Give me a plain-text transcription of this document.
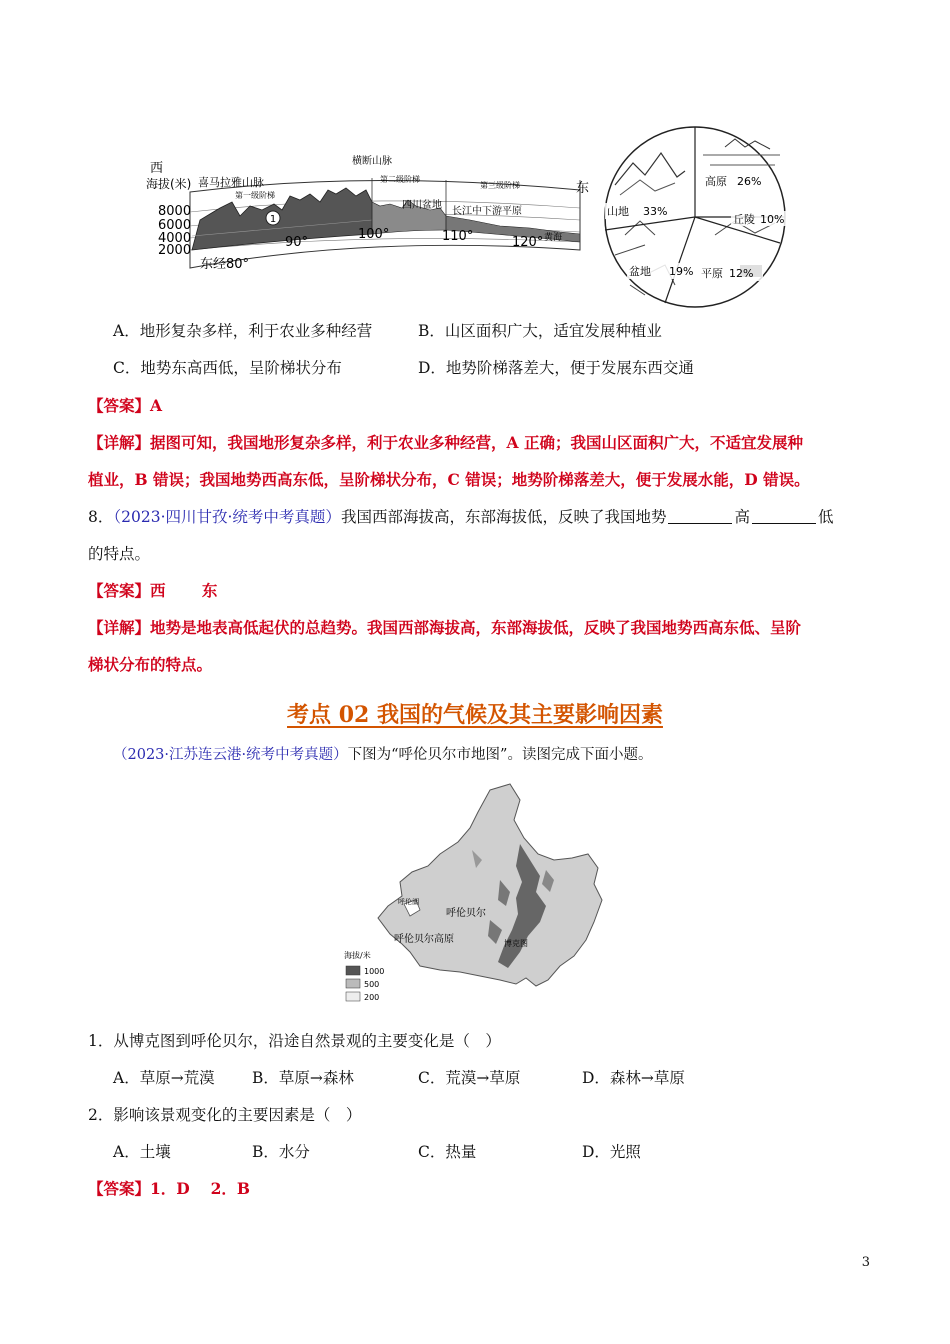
1
西
海拔(米)
8000
6000
4000
2000
喜马拉雅山脉
横断山脉
第一级阶梯
第二级阶梯
第三级阶梯
四川盆地
长江中下游平原
黄海
东经80°
90°
100°	110°	120°
东
山地 33%
高原 26%
丘陵 10%
平原 12%
盆地 19%
A．地形复杂多样，利于农业多种经营	B．山区面积广大，适宜发展种植业
C．地势东高西低，呈阶梯状分布	D．地势阶梯落差大，便于发展东西交通
【答案】A
【详解】据图可知，我国地形复杂多样，利于农业多种经营，A 正确；我国山区面积广大，不适宜发展种
植业，B 错误；我国地势西高东低，呈阶梯状分布，C 错误；地势阶梯落差大，便于发展水能，D 错误。
8．（2023·四川甘孜·统考中考真题）我国西部海拔高，东部海拔低，反映了我国地势	高	低
的特点。
【答案】西　　 东
【详解】地势是地表高低起伏的总趋势。我国西部海拔高，东部海拔低，反映了我国地势西高东低、呈阶
梯状分布的特点。
考点 02 我国的气候及其主要影响因素
（2023·江苏连云港·统考中考真题）下图为“呼伦贝尔市地图”。读图完成下面小题。
呼伦湖
呼伦贝尔
呼伦贝尔高原	博克图
海拔/米
1000
500
200
1．从博克图到呼伦贝尔，沿途自然景观的主要变化是（　）
A．草原→荒漠 B．草原→森林	C．荒漠→草原	D．森林→草原
2．影响该景观变化的主要因素是（　）
A．土壤	B．水分	C．热量	D．光照
【答案】1．D　 2．B
3
